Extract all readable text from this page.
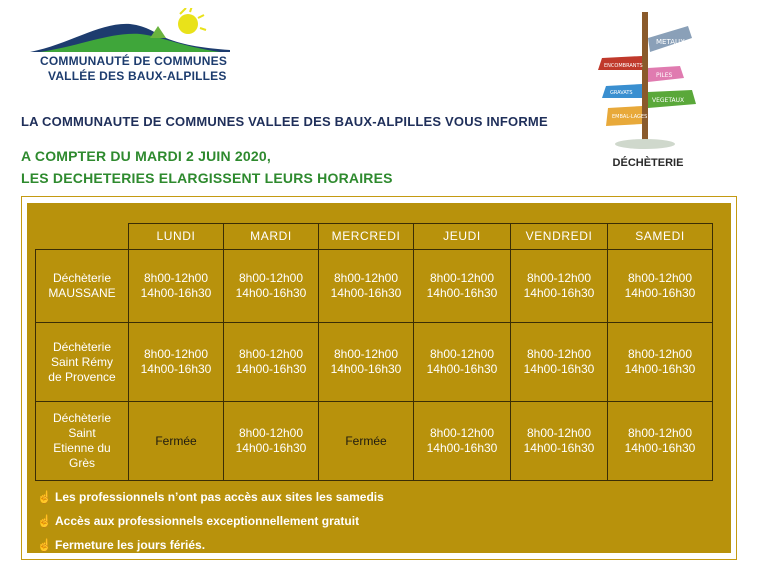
COMMUNAUTÉ DE COMMUNES
VALLÉE DES BAUX-ALPILLES
METAUX
ENCOMBRANTS
PILES
GRAVATS
VEGETAUX
EMBAL-LAGES
DÉCHÈTERIE
LA COMMUNAUTE DE COMMUNES VALLEE DES BAUX-ALPILLES VOUS INFORME
A COMPTER DU MARDI 2 JUIN 2020,
LES DECHETERIES ELARGISSENT LEURS HORAIRES
	LUNDI	MARDI	MERCREDI	JEUDI	VENDREDI	SAMEDI
Déchèterie
MAUSSANE	8h00-12h00
14h00-16h30	8h00-12h00
14h00-16h30	8h00-12h00
14h00-16h30	8h00-12h00
14h00-16h30	8h00-12h00
14h00-16h30	8h00-12h00
14h00-16h30
Déchèterie
Saint Rémy
de Provence	8h00-12h00
14h00-16h30	8h00-12h00
14h00-16h30	8h00-12h00
14h00-16h30	8h00-12h00
14h00-16h30	8h00-12h00
14h00-16h30	8h00-12h00
14h00-16h30
Déchèterie
Saint
Etienne du
Grès	Fermée	8h00-12h00
14h00-16h30	Fermée	8h00-12h00
14h00-16h30	8h00-12h00
14h00-16h30	8h00-12h00
14h00-16h30
☝ Les professionnels n’ont pas accès aux sites les samedis
☝ Accès aux professionnels exceptionnellement gratuit
☝ Fermeture les jours fériés.
